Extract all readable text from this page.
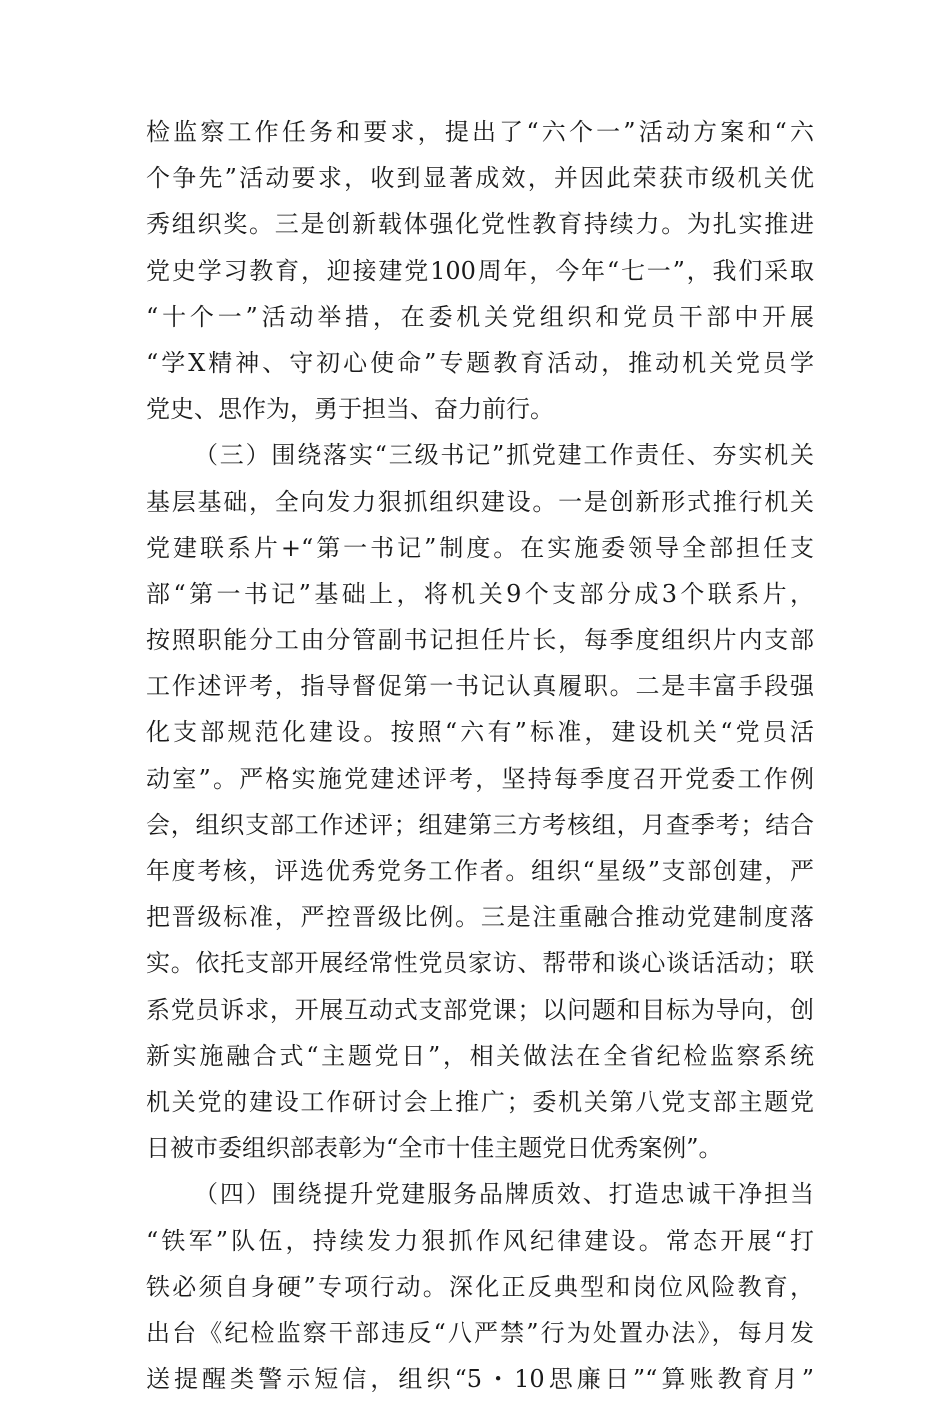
检监察工作任务和要求，提出了“六个一”活动方案和“六
个争先”活动要求，收到显著成效，并因此荣获市级机关优
秀组织奖。三是创新载体强化党性教育持续力。为扎实推进
党史学习教育，迎接建党100周年，今年“七一”，我们采取
“十个一”活动举措，在委机关党组织和党员干部中开展
“学X精神、守初心使命”专题教育活动，推动机关党员学
党史、思作为，勇于担当、奋力前行。
（三）围绕落实“三级书记”抓党建工作责任、夯实机关
基层基础，全向发力狠抓组织建设。一是创新形式推行机关
党建联系片+“第一书记”制度。在实施委领导全部担任支
部“第一书记”基础上，将机关9个支部分成3个联系片，
按照职能分工由分管副书记担任片长，每季度组织片内支部
工作述评考，指导督促第一书记认真履职。二是丰富手段强
化支部规范化建设。按照“六有”标准，建设机关“党员活
动室”。严格实施党建述评考，坚持每季度召开党委工作例
会，组织支部工作述评；组建第三方考核组，月查季考；结合
年度考核，评选优秀党务工作者。组织“星级”支部创建，严
把晋级标准，严控晋级比例。三是注重融合推动党建制度落
实。依托支部开展经常性党员家访、帮带和谈心谈话活动；联
系党员诉求，开展互动式支部党课；以问题和目标为导向，创
新实施融合式“主题党日”，相关做法在全省纪检监察系统
机关党的建设工作研讨会上推广；委机关第八党支部主题党
日被市委组织部表彰为“全市十佳主题党日优秀案例”。
（四）围绕提升党建服务品牌质效、打造忠诚干净担当
“铁军”队伍，持续发力狠抓作风纪律建设。常态开展“打
铁必须自身硬”专项行动。深化正反典型和岗位风险教育，
出台《纪检监察干部违反“八严禁”行为处置办法》，每月发
送提醒类警示短信，组织“5・10思廉日”“算账教育月”
